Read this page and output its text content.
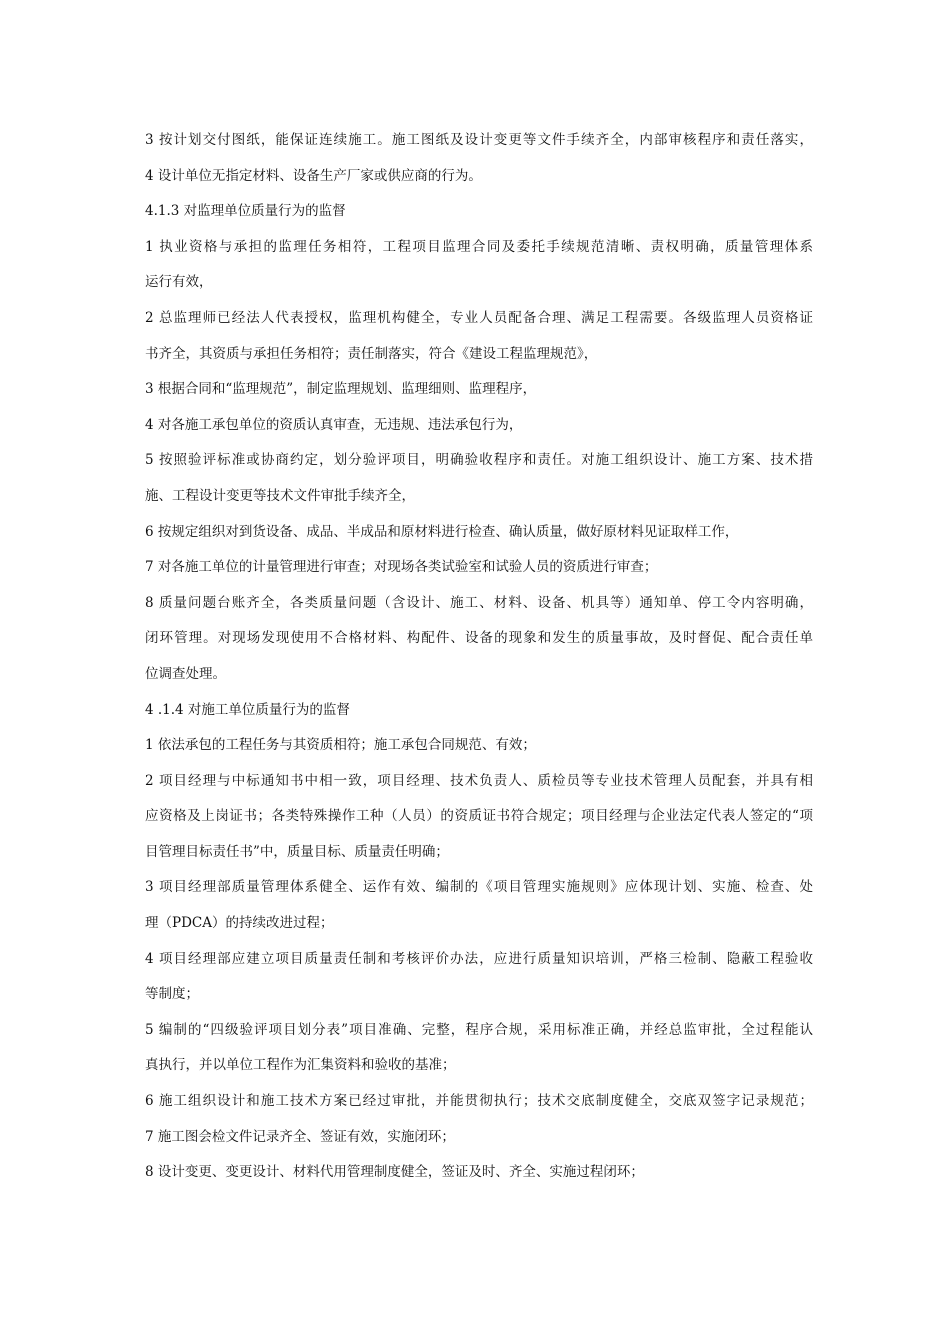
3 按计划交付图纸，能保证连续施工。施工图纸及设计变更等文件手续齐全，内部审核程序和责任落实，
4 设计单位无指定材料、设备生产厂家或供应商的行为。
4.1.3 对监理单位质量行为的监督
1 执业资格与承担的监理任务相符，工程项目监理合同及委托手续规范清晰、责权明确，质量管理体系
运行有效，
2 总监理师已经法人代表授权，监理机构健全，专业人员配备合理、满足工程需要。各级监理人员资格证
书齐全，其资质与承担任务相符；责任制落实，符合《建设工程监理规范》，
3 根据合同和“监理规范”，制定监理规划、监理细则、监理程序，
4 对各施工承包单位的资质认真审查，无违规、违法承包行为，
5 按照验评标准或协商约定，划分验评项目，明确验收程序和责任。对施工组织设计、施工方案、技术措
施、工程设计变更等技术文件审批手续齐全，
6 按规定组织对到货设备、成品、半成品和原材料进行检查、确认质量，做好原材料见证取样工作，
7 对各施工单位的计量管理进行审查；对现场各类试验室和试验人员的资质进行审查；
8 质量问题台账齐全，各类质量问题（含设计、施工、材料、设备、机具等）通知单、停工令内容明确，
闭环管理。对现场发现使用不合格材料、构配件、设备的现象和发生的质量事故，及时督促、配合责任单
位调查处理。
4 .1.4 对施工单位质量行为的监督
1 依法承包的工程任务与其资质相符；施工承包合同规范、有效；
2 项目经理与中标通知书中相一致，项目经理、技术负责人、质检员等专业技术管理人员配套，并具有相
应资格及上岗证书；各类特殊操作工种（人员）的资质证书符合规定；项目经理与企业法定代表人签定的“项
目管理目标责任书”中，质量目标、质量责任明确；
3 项目经理部质量管理体系健全、运作有效、编制的《项目管理实施规则》应体现计划、实施、检查、处
理（PDCA）的持续改进过程；
4 项目经理部应建立项目质量责任制和考核评价办法，应进行质量知识培训，严格三检制、隐蔽工程验收
等制度；
5 编制的“四级验评项目划分表”项目准确、完整，程序合规，采用标准正确，并经总监审批，全过程能认
真执行，并以单位工程作为汇集资料和验收的基准；
6 施工组织设计和施工技术方案已经过审批，并能贯彻执行；技术交底制度健全，交底双签字记录规范；
7 施工图会检文件记录齐全、签证有效，实施闭环；
8 设计变更、变更设计、材料代用管理制度健全，签证及时、齐全、实施过程闭环；
